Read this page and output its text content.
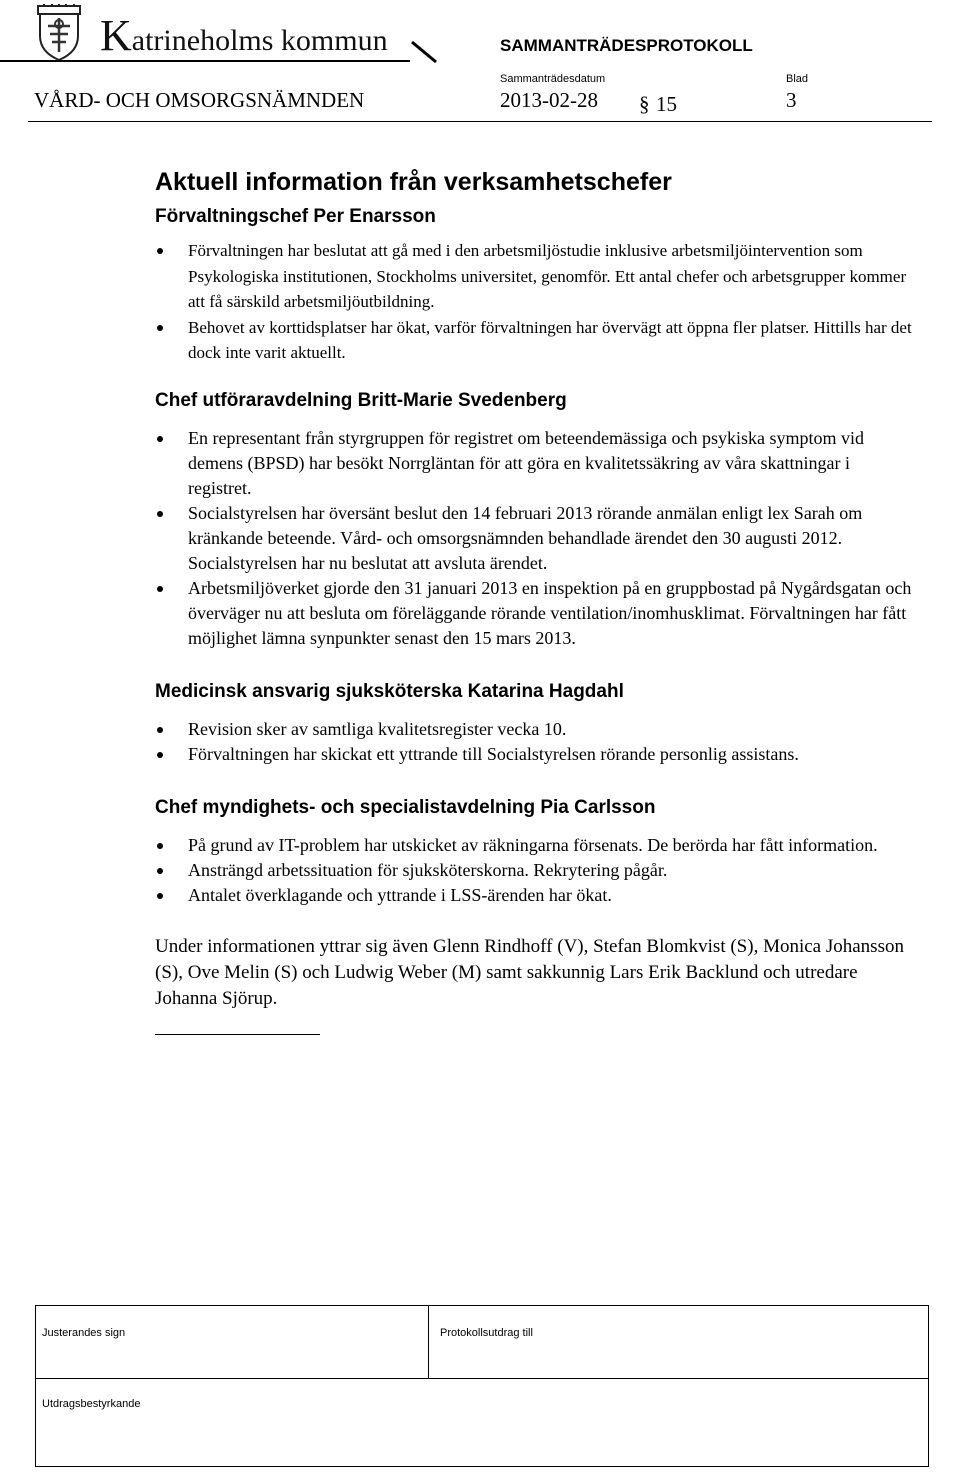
Katrineholms kommun	SAMMANTRÄDESPROTOKOLL
Sammanträdesdatum	Blad
VÅRD- OCH OMSORGSNÄMNDEN	2013-02-28 § 15	3
Aktuell information från verksamhetschefer
Förvaltningschef Per Enarsson
Förvaltningen har beslutat att gå med i den arbetsmiljöstudie inklusive arbetsmiljöintervention som Psykologiska institutionen, Stockholms universitet, genomför. Ett antal chefer och arbetsgrupper kommer att få särskild arbetsmiljöutbildning.
Behovet av korttidsplatser har ökat, varför förvaltningen har övervägt att öppna fler platser. Hittills har det dock inte varit aktuellt.
Chef utföraravdelning Britt-Marie Svedenberg
En representant från styrgruppen för registret om beteendemässiga och psykiska symptom vid demens (BPSD) har besökt Norrgläntan för att göra en kvalitetssäkring av våra skattningar i registret.
Socialstyrelsen har översänt beslut den 14 februari 2013 rörande anmälan enligt lex Sarah om kränkande beteende. Vård- och omsorgsnämnden behandlade ärendet den 30 augusti 2012. Socialstyrelsen har nu beslutat att avsluta ärendet.
Arbetsmiljöverket gjorde den 31 januari 2013 en inspektion på en gruppbostad på Nygårdsgatan och överväger nu att besluta om föreläggande rörande ventilation/inomhusklimat. Förvaltningen har fått möjlighet lämna synpunkter senast den 15 mars 2013.
Medicinsk ansvarig sjuksköterska Katarina Hagdahl
Revision sker av samtliga kvalitetsregister vecka 10.
Förvaltningen har skickat ett yttrande till Socialstyrelsen rörande personlig assistans.
Chef myndighets- och specialistavdelning Pia Carlsson
På grund av IT-problem har utskicket av räkningarna försenats. De berörda har fått information.
Ansträngd arbetssituation för sjuksköterskorna. Rekrytering pågår.
Antalet överklagande och yttrande i LSS-ärenden har ökat.
Under informationen yttrar sig även Glenn Rindhoff (V), Stefan Blomkvist (S), Monica Johansson (S), Ove Melin (S) och Ludwig Weber (M) samt sakkunnig Lars Erik Backlund och utredare Johanna Sjörup.
Justerandes sign	Protokollsutdrag till
Utdragsbestyrkande
